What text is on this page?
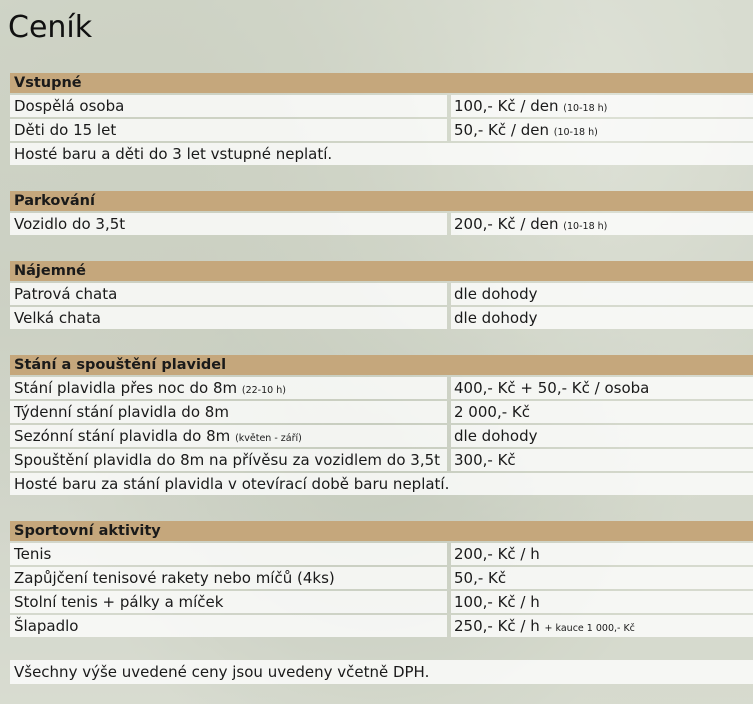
Ceník
Vstupné
Dospělá osoba	100,- Kč / den (10-18 h)
Děti do 15 let	50,- Kč / den (10-18 h)
Hosté baru a děti do 3 let vstupné neplatí.
Parkování
Vozidlo do 3,5t	200,- Kč / den (10-18 h)
Nájemné
Patrová chata	dle dohody
Velká chata	dle dohody
Stání a spouštění plavidel
Stání plavidla přes noc do 8m (22-10 h)	400,- Kč + 50,- Kč / osoba
Týdenní stání plavidla do 8m	2 000,- Kč
Sezónní stání plavidla do 8m (květen - září)	dle dohody
Spouštění plavidla do 8m na přívěsu za vozidlem do 3,5t 300,- Kč
Hosté baru za stání plavidla v otevírací době baru neplatí.
Sportovní aktivity
Tenis	200,- Kč / h
Zapůjčení tenisové rakety nebo míčů (4ks)	50,- Kč
Stolní tenis + pálky a míček	100,- Kč / h
Šlapadlo	250,- Kč / h + kauce 1 000,- Kč
Všechny výše uvedené ceny jsou uvedeny včetně DPH.
